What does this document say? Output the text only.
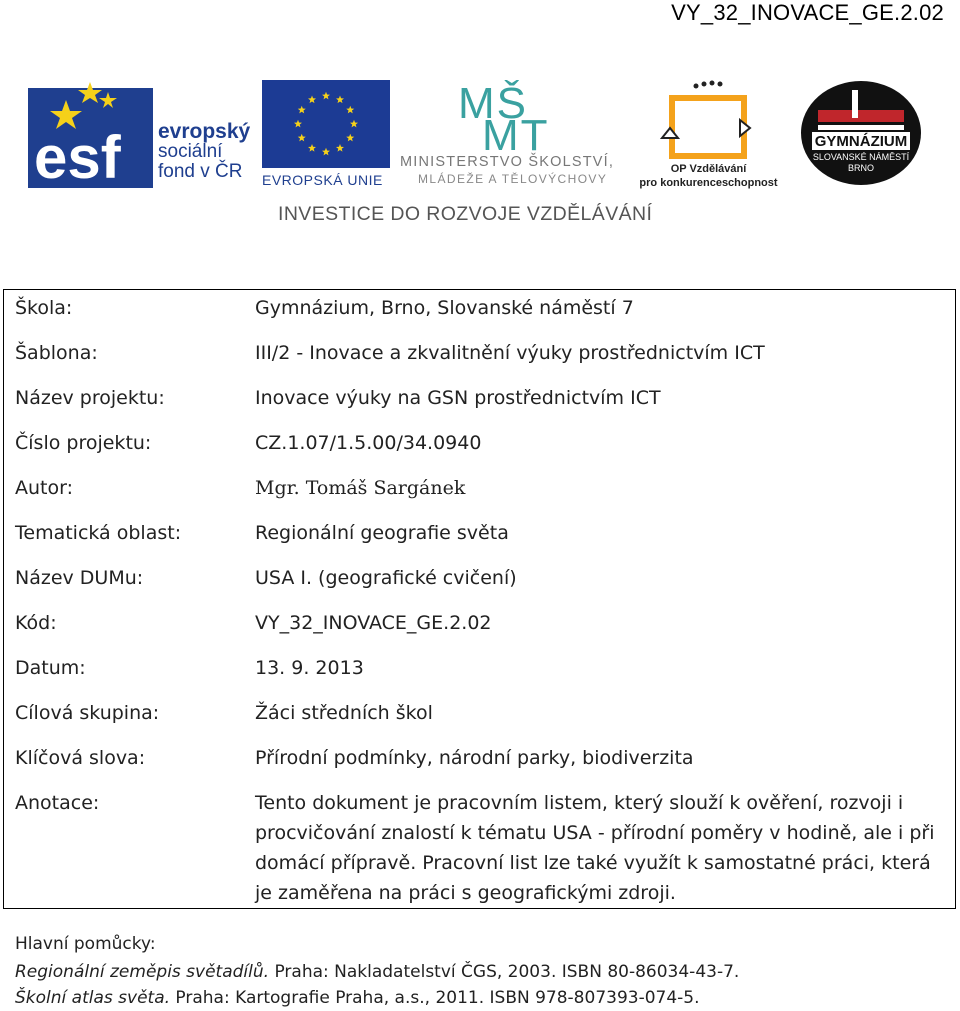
VY_32_INOVACE_GE.2.02
esf evropský
sociální
fond v ČR	EVROPSKÁ UNIE
MŠ
MT
MINISTERSTVO ŠKOLSTVÍ,
MLÁDEŽE A TĚLOVÝCHOVY
OP Vzdělávání
pro konkurenceschopnost
GYMNÁZIUM
SLOVANSKÉ NÁMĚSTÍ
BRNO
INVESTICE DO ROZVOJE VZDĚLÁVÁNÍ
Škola:	Gymnázium, Brno, Slovanské náměstí 7
Šablona:	III/2 - Inovace a zkvalitnění výuky prostřednictvím ICT
Název projektu:	Inovace výuky na GSN prostřednictvím ICT
Číslo projektu:	CZ.1.07/1.5.00/34.0940
Autor:	Mgr. Tomáš Sargánek
Tematická oblast:	Regionální geografie světa
Název DUMu:	USA I. (geografické cvičení)
Kód:	VY_32_INOVACE_GE.2.02
Datum:	13. 9. 2013
Cílová skupina:	Žáci středních škol
Klíčová slova:	Přírodní podmínky, národní parky, biodiverzita
Anotace:	Tento dokument je pracovním listem, který slouží k ověření, rozvoji i procvičování znalostí k tématu USA - přírodní poměry v hodině, ale i při domácí přípravě. Pracovní list lze také využít k samostatné práci, která je zaměřena na práci s geografickými zdroji.
Hlavní pomůcky:
Regionální zeměpis světadílů. Praha: Nakladatelství ČGS, 2003. ISBN 80-86034-43-7.
Školní atlas světa. Praha: Kartografie Praha, a.s., 2011. ISBN 978-807393-074-5.
